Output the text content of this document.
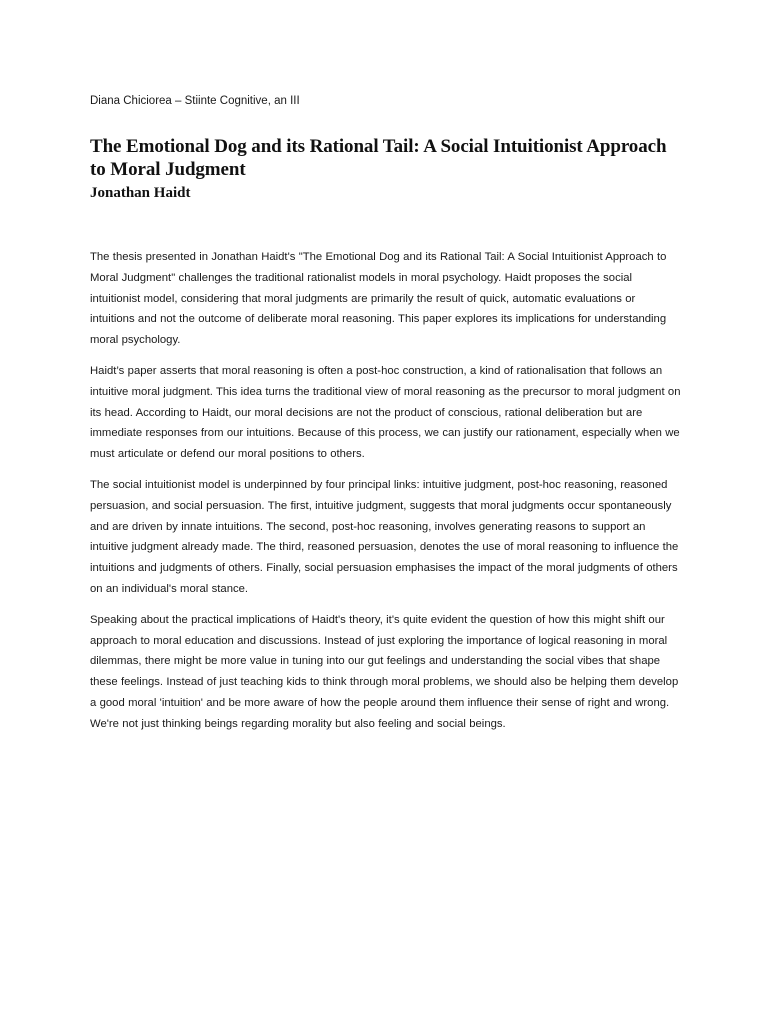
Diana Chiciorea – Stiinte Cognitive, an III

The Emotional Dog and its Rational Tail: A Social Intuitionist Approach to Moral Judgment
Jonathan Haidt

The thesis presented in Jonathan Haidt's "The Emotional Dog and its Rational Tail: A Social Intuitionist Approach to Moral Judgment" challenges the traditional rationalist models in moral psychology. Haidt proposes the social intuitionist model, considering that moral judgments are primarily the result of quick, automatic evaluations or intuitions and not the outcome of deliberate moral reasoning. This paper explores its implications for understanding moral psychology.

Haidt’s paper asserts that moral reasoning is often a post-hoc construction, a kind of rationalisation that follows an intuitive moral judgment. This idea turns the traditional view of moral reasoning as the precursor to moral judgment on its head. According to Haidt, our moral decisions are not the product of conscious, rational deliberation but are immediate responses from our intuitions. Because of this process, we can justify our rationament, especially when we must articulate or defend our moral positions to others.

The social intuitionist model is underpinned by four principal links: intuitive judgment, post-hoc reasoning, reasoned persuasion, and social persuasion. The first, intuitive judgment, suggests that moral judgments occur spontaneously and are driven by innate intuitions. The second, post-hoc reasoning, involves generating reasons to support an intuitive judgment already made. The third, reasoned persuasion, denotes the use of moral reasoning to influence the intuitions and judgments of others. Finally, social persuasion emphasises the impact of the moral judgments of others on an individual's moral stance.

Speaking about the practical implications of Haidt's theory, it's quite evident the question of how this might shift our approach to moral education and discussions. Instead of just exploring the importance of logical reasoning in moral dilemmas, there might be more value in tuning into our gut feelings and understanding the social vibes that shape these feelings. Instead of just teaching kids to think through moral problems, we should also be helping them develop a good moral 'intuition' and be more aware of how the people around them influence their sense of right and wrong. We're not just thinking beings regarding morality but also feeling and social beings.
